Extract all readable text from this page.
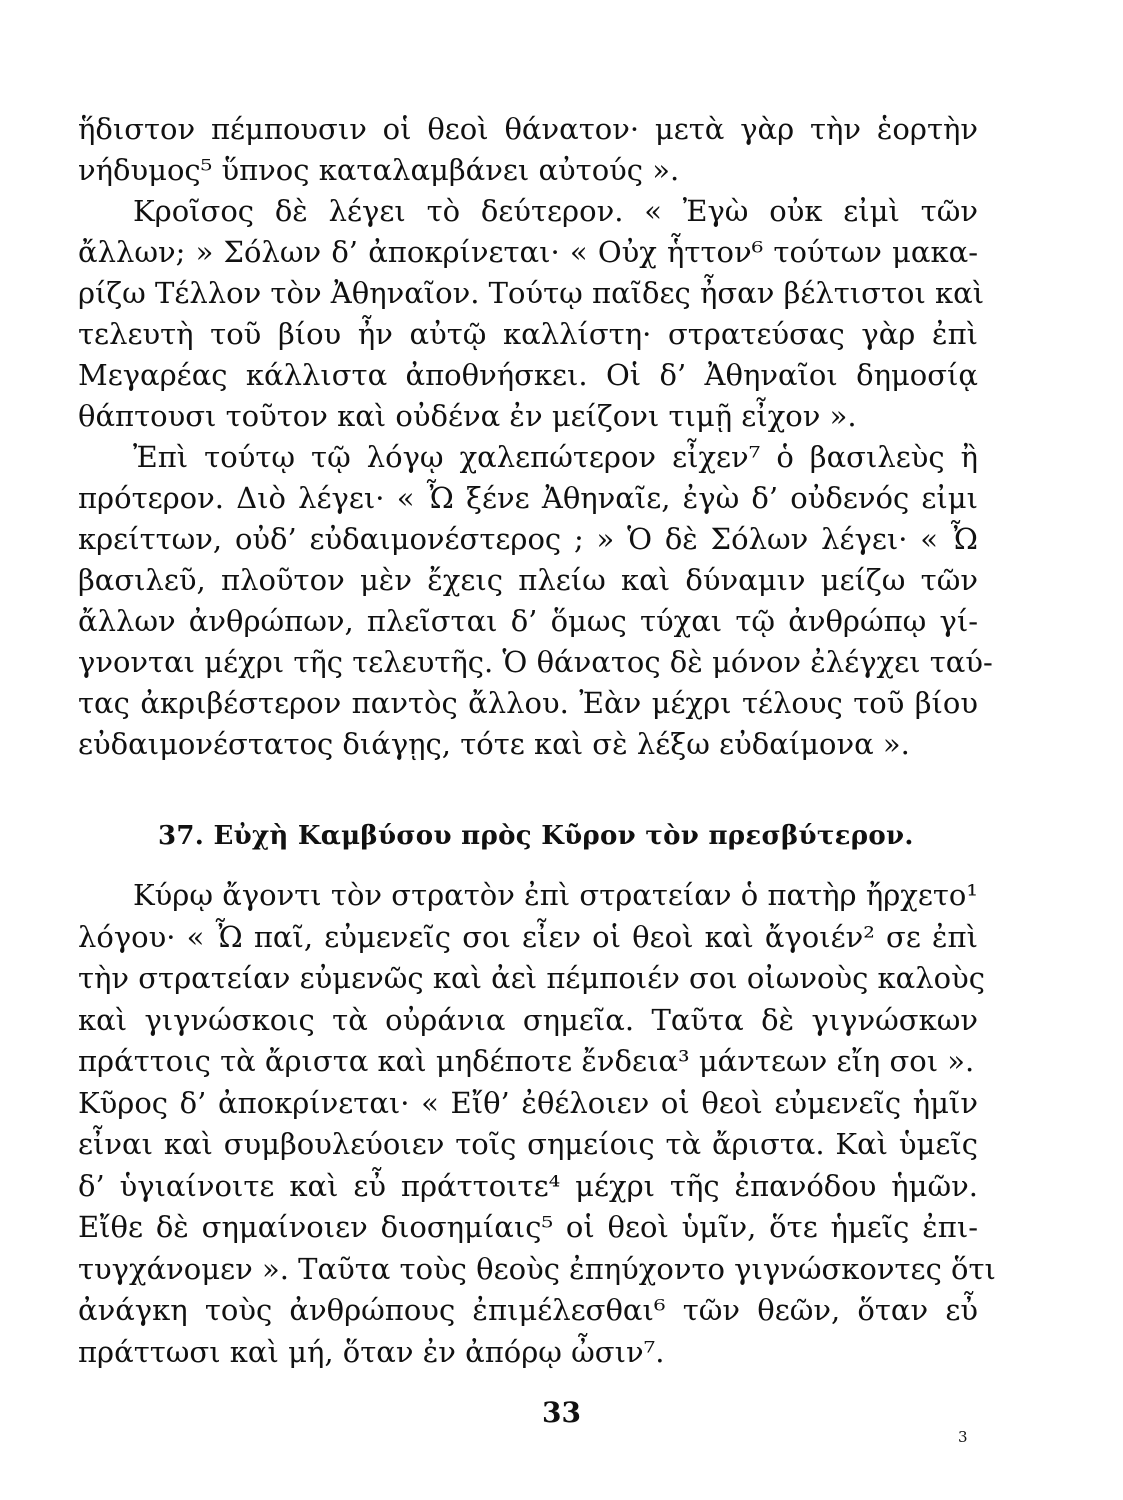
ἥδιστον πέμπουσιν οἱ θεοὶ θάνατον· μετὰ γὰρ τὴν ἑορτὴν
νήδυμος⁵ ὕπνος καταλαμβάνει αὐτούς ».
Κροῖσος δὲ λέγει τὸ δεύτερον. « Ἐγὼ οὐκ εἰμὶ τῶν
ἄλλων; » Σόλων δ’ ἀποκρίνεται· « Οὐχ ἧττον⁶ τούτων μακα-
ρίζω Τέλλον τὸν Ἀθηναῖον. Τούτῳ παῖδες ἦσαν βέλτιστοι καὶ
τελευτὴ τοῦ βίου ἦν αὐτῷ καλλίστη· στρατεύσας γὰρ ἐπὶ
Μεγαρέας κάλλιστα ἀποθνήσκει. Οἱ δ’ Ἀθηναῖοι δημοσίᾳ
θάπτουσι τοῦτον καὶ οὐδένα ἐν μείζονι τιμῇ εἶχον ».
Ἐπὶ τούτῳ τῷ λόγῳ χαλεπώτερον εἶχεν⁷ ὁ βασιλεὺς ἢ
πρότερον. Διὸ λέγει· « Ὦ ξένε Ἀθηναῖε, ἐγὼ δ’ οὐδενός εἰμι
κρείττων, οὐδ’ εὐδαιμονέστερος ; » Ὁ δὲ Σόλων λέγει· « Ὦ
βασιλεῦ, πλοῦτον μὲν ἔχεις πλείω καὶ δύναμιν μείζω τῶν
ἄλλων ἀνθρώπων, πλεῖσται δ’ ὅμως τύχαι τῷ ἀνθρώπῳ γί-
γνονται μέχρι τῆς τελευτῆς. Ὁ θάνατος δὲ μόνον ἐλέγχει ταύ-
τας ἀκριβέστερον παντὸς ἄλλου. Ἐὰν μέχρι τέλους τοῦ βίου
εὐδαιμονέστατος διάγῃς, τότε καὶ σὲ λέξω εὐδαίμονα ».
37. Εὐχὴ Καμβύσου πρὸς Κῦρον τὸν πρεσβύτερον.
Κύρῳ ἄγοντι τὸν στρατὸν ἐπὶ στρατείαν ὁ πατὴρ ἤρχετο¹
λόγου· « Ὦ παῖ, εὐμενεῖς σοι εἶεν οἱ θεοὶ καὶ ἄγοιέν² σε ἐπὶ
τὴν στρατείαν εὐμενῶς καὶ ἀεὶ πέμποιέν σοι οἰωνοὺς καλοὺς
καὶ γιγνώσκοις τὰ οὐράνια σημεῖα. Ταῦτα δὲ γιγνώσκων
πράττοις τὰ ἄριστα καὶ μηδέποτε ἔνδεια³ μάντεων εἴη σοι ».
Κῦρος δ’ ἀποκρίνεται· « Εἴθ’ ἐθέλοιεν οἱ θεοὶ εὐμενεῖς ἡμῖν
εἶναι καὶ συμβουλεύοιεν τοῖς σημείοις τὰ ἄριστα. Καὶ ὑμεῖς
δ’ ὑγιαίνοιτε καὶ εὖ πράττοιτε⁴ μέχρι τῆς ἐπανόδου ἡμῶν.
Εἴθε δὲ σημαίνοιεν διοσημίαις⁵ οἱ θεοὶ ὑμῖν, ὅτε ἡμεῖς ἐπι-
τυγχάνομεν ». Ταῦτα τοὺς θεοὺς ἐπηύχοντο γιγνώσκοντες ὅτι
ἀνάγκη τοὺς ἀνθρώπους ἐπιμέλεσθαι⁶ τῶν θεῶν, ὅταν εὖ
πράττωσι καὶ μή, ὅταν ἐν ἀπόρῳ ὦσιν⁷.
33
3
